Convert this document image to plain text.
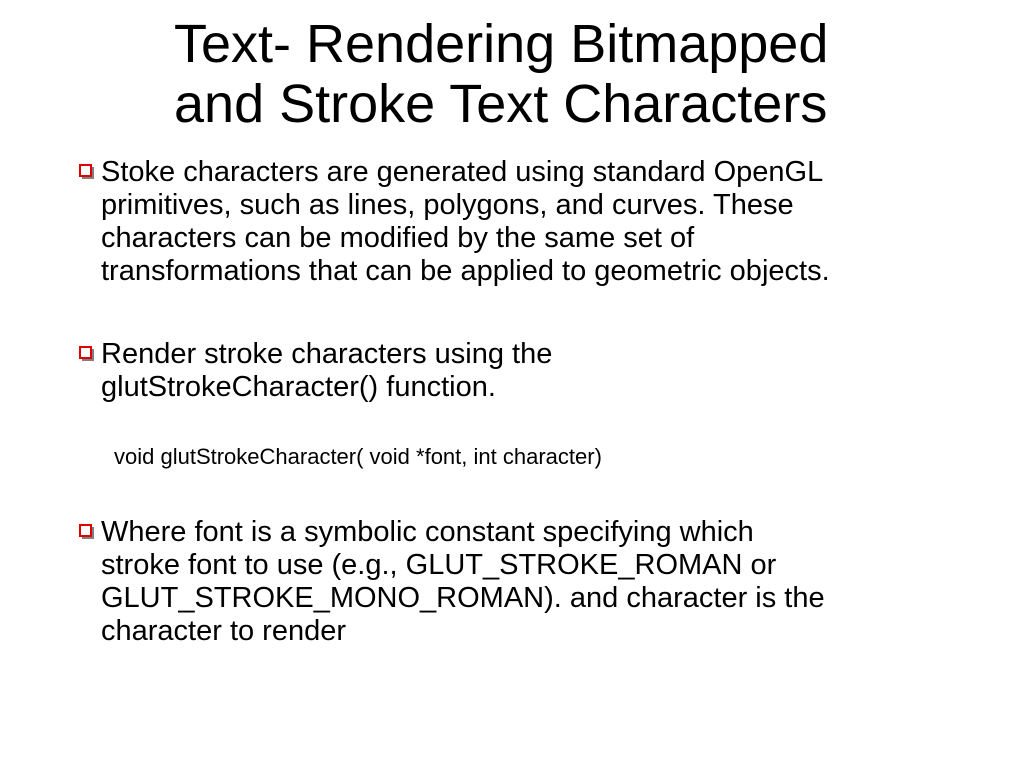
Text- Rendering Bitmapped
and Stroke Text Characters
Stoke characters are generated using standard OpenGL
primitives, such as lines, polygons, and curves. These
characters can be modified by the same set of
transformations that can be applied to geometric objects.
Render stroke characters using the
glutStrokeCharacter() function.
void glutStrokeCharacter( void *font, int character)
Where font is a symbolic constant specifying which
stroke font to use (e.g., GLUT_STROKE_ROMAN or
GLUT_STROKE_MONO_ROMAN). and character is the
character to render
